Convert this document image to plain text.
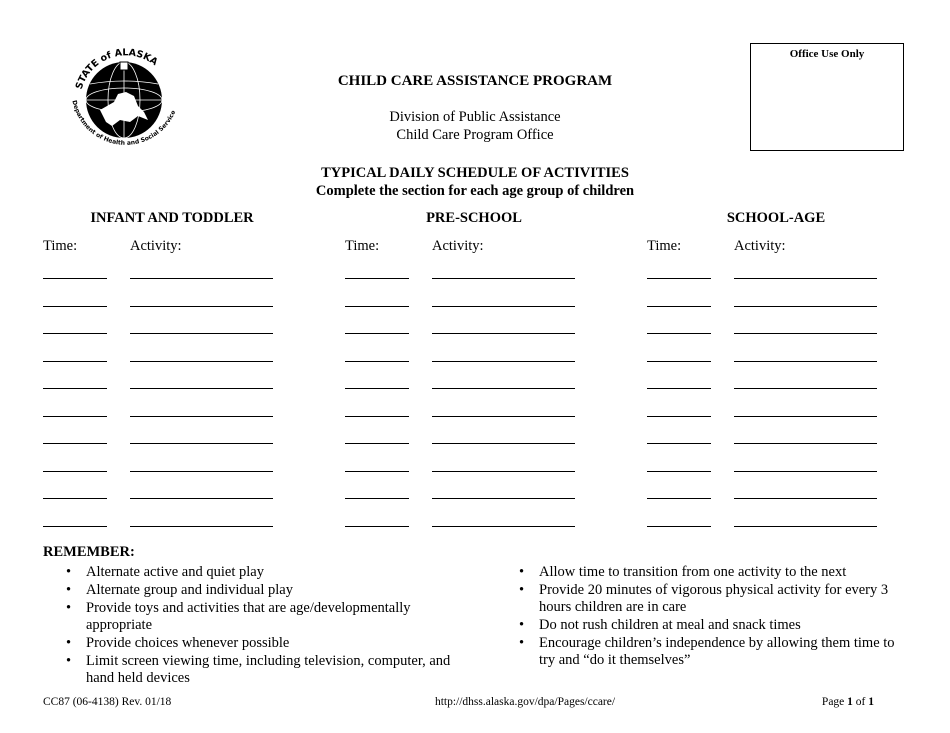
STATE of ALASKA
Department of Health and Social Service
CHILD CARE ASSISTANCE PROGRAM
Division of Public Assistance
Child Care Program Office
Office Use Only
TYPICAL DAILY SCHEDULE OF ACTIVITIES
Complete the section for each age group of children
INFANT AND TODDLER	PRE-SCHOOL	SCHOOL-AGE
Time:	Activity:	Time:	Activity:	Time:	Activity:
REMEMBER:
• Alternate active and quiet play
• Alternate group and individual play
• Provide toys and activities that are age/developmentally appropriate
• Provide choices whenever possible
• Limit screen viewing time, including television, computer, and hand held devices
• Allow time to transition from one activity to the next
• Provide 20 minutes of vigorous physical activity for every 3 hours children are in care
• Do not rush children at meal and snack times
• Encourage children’s independence by allowing them time to try and “do it themselves”
CC87 (06-4138) Rev. 01/18	http://dhss.alaska.gov/dpa/Pages/ccare/	Page 1 of 1
